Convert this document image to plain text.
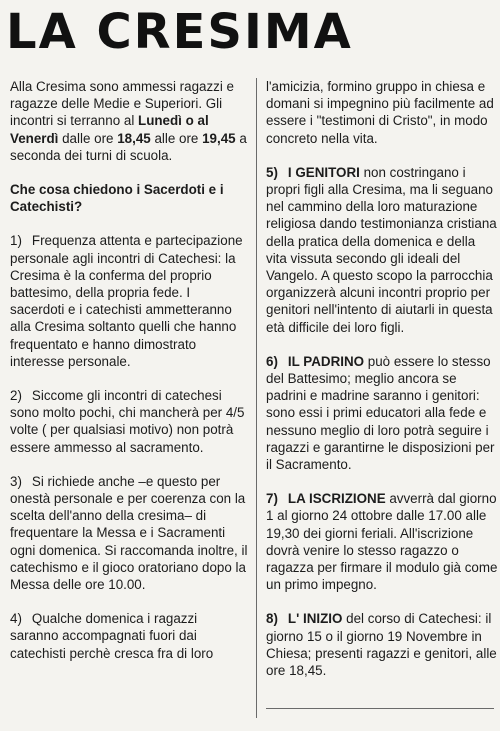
LA CRESIMA

Alla Cresima sono ammessi ragazzi e ragazze delle Medie e Superiori. Gli incontri si terranno al Lunedì o al Venerdì dalle ore 18,45 alle ore 19,45 a seconda dei turni di scuola.

Che cosa chiedono i Sacerdoti e i Catechisti?

1) Frequenza attenta e partecipazione personale agli incontri di Catechesi: la Cresima è la conferma del proprio battesimo, della propria fede. I sacerdoti e i catechisti ammetteranno alla Cresima soltanto quelli che hanno frequentato e hanno dimostrato interesse personale.

2) Siccome gli incontri di catechesi sono molto pochi, chi mancherà per 4/5 volte ( per qualsiasi motivo) non potrà essere ammesso al sacramento.

3) Si richiede anche –e questo per onestà personale e per coerenza con la scelta dell'anno della cresima– di frequentare la Messa e i Sacramenti ogni domenica. Si raccomanda inoltre, il catechismo e il gioco oratoriano dopo la Messa delle ore 10.00.

4) Qualche domenica i ragazzi saranno accompagnati fuori dai catechisti perchè cresca fra di loro

l'amicizia, formino gruppo in chiesa e domani si impegnino più facilmente ad essere i "testimoni di Cristo", in modo concreto nella vita.

5) I GENITORI non costringano i propri figli alla Cresima, ma li seguano nel cammino della loro maturazione religiosa dando testimonianza cristiana della pratica della domenica e della vita vissuta secondo gli ideali del Vangelo. A questo scopo la parrocchia organizzerà alcuni incontri proprio per genitori nell'intento di aiutarli in questa età difficile dei loro figli.

6) IL PADRINO può essere lo stesso del Battesimo; meglio ancora se padrini e madrine saranno i genitori: sono essi i primi educatori alla fede e nessuno meglio di loro potrà seguire i ragazzi e garantirne le disposizioni per il Sacramento.

7) LA ISCRIZIONE avverrà dal giorno 1 al giorno 24 ottobre dalle 17.00 alle 19,30 dei giorni feriali. All'iscrizione dovrà venire lo stesso ragazzo o ragazza per firmare il modulo già come un primo impegno.

8) L' INIZIO del corso di Catechesi: il giorno 15 o il giorno 19 Novembre in Chiesa; presenti ragazzi e genitori, alle ore 18,45.
